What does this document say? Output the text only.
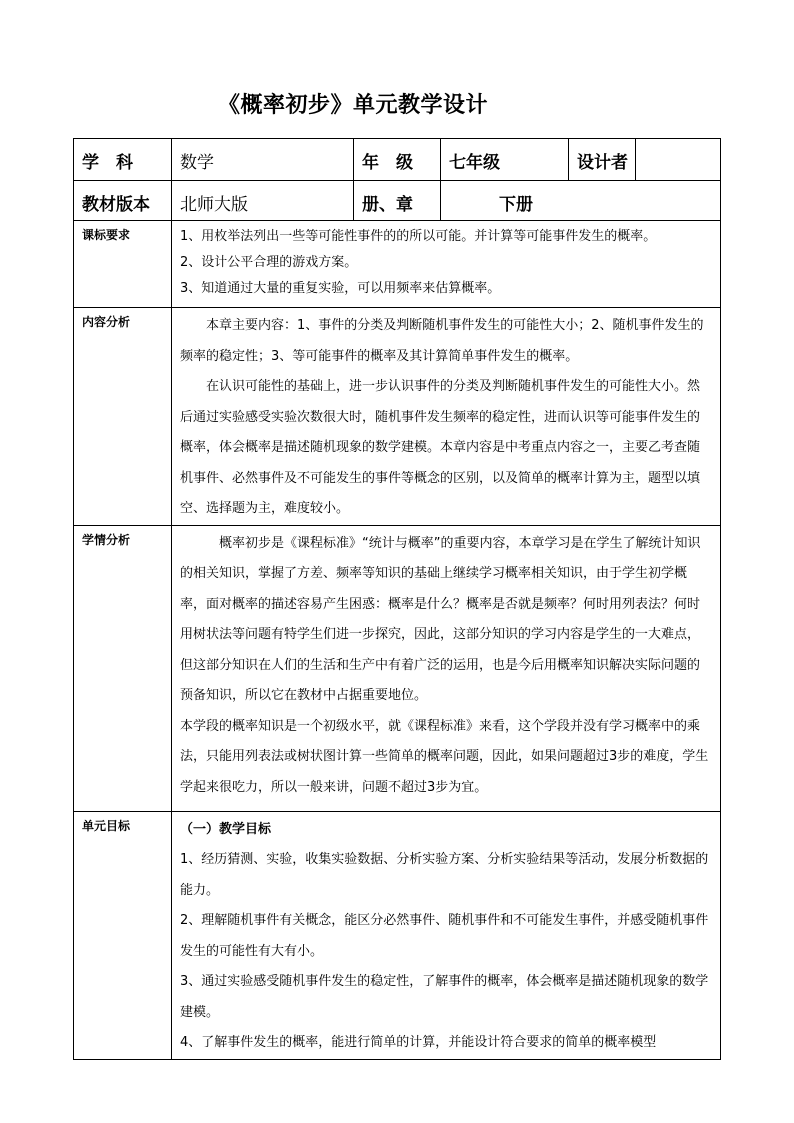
《概率初步》单元教学设计
学　科	数学	年　级	七年级	设计者	
教材版本	北师大版	册、章	下册		
课标要求	1、用枚举法列出一些等可能性事件的的所以可能。并计算等可能事件发生的概率。

2、设计公平合理的游戏方案。

3、知道通过大量的重复实验，可以用频率来估算概率。				

内容分析	本章主要内容：1、事件的分类及判断随机事件发生的可能性大小；2、随机事件发生的频率的稳定性；3、等可能事件的概率及其计算简单事件发生的概率。

在认识可能性的基础上，进一步认识事件的分类及判断随机事件发生的可能性大小。然后通过实验感受实验次数很大时，随机事件发生频率的稳定性，进而认识等可能事件发生的概率，体会概率是描述随机现象的数学建模。本章内容是中考重点内容之一，主要乙考查随机事件、必然事件及不可能发生的事件等概念的区别，以及简单的概率计算为主，题型以填空、选择题为主，难度较小。				

学情分析	概率初步是《课程标准》“统计与概率”的重要内容，本章学习是在学生了解统计知识的相关知识，掌握了方差、频率等知识的基础上继续学习概率相关知识，由于学生初学概率，面对概率的描述容易产生困惑：概率是什么？概率是否就是频率？何时用列表法？何时用树状法等问题有特学生们进一步探究，因此，这部分知识的学习内容是学生的一大难点，但这部分知识在人们的生活和生产中有着广泛的运用，也是今后用概率知识解决实际问题的预备知识，所以它在教材中占据重要地位。

本学段的概率知识是一个初级水平，就《课程标准》来看，这个学段并没有学习概率中的乘法，只能用列表法或树状图计算一些简单的概率问题，因此，如果问题超过3步的难度，学生学起来很吃力，所以一般来讲，问题不超过3步为宜。				

单元目标	（一）教学目标

1、经历猜测、实验，收集实验数据、分析实验方案、分析实验结果等活动，发展分析数据的能力。

2、理解随机事件有关概念，能区分必然事件、随机事件和不可能发生事件，并感受随机事件发生的可能性有大有小。

3、通过实验感受随机事件发生的稳定性，了解事件的概率，体会概率是描述随机现象的数学建模。

4、了解事件发生的概率，能进行简单的计算，并能设计符合要求的简单的概率模型				
